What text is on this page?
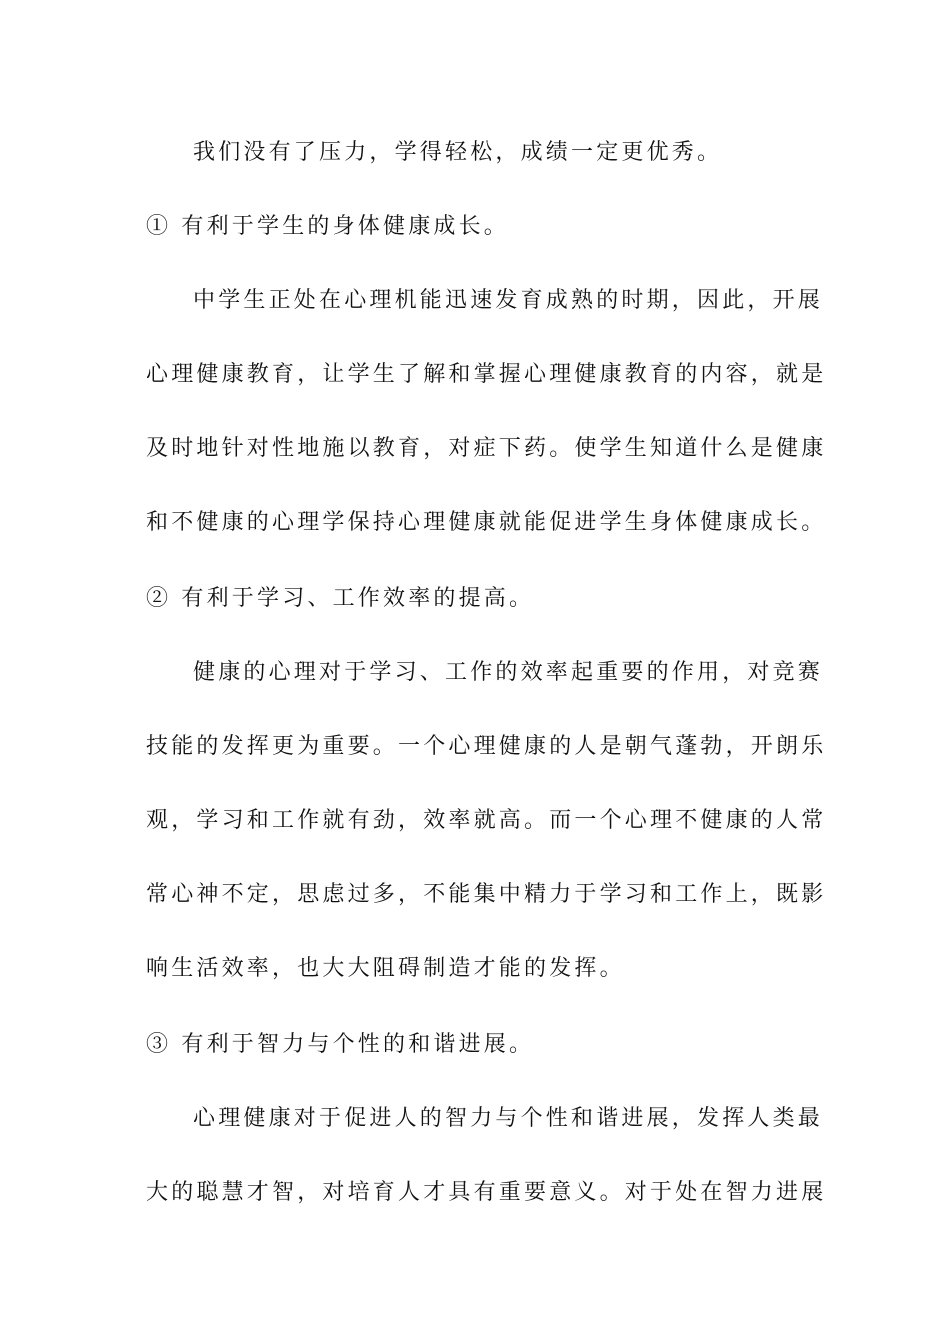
我们没有了压力，学得轻松，成绩一定更优秀。
① 有利于学生的身体健康成长。
中学生正处在心理机能迅速发育成熟的时期，因此，开展
心理健康教育，让学生了解和掌握心理健康教育的内容，就是
及时地针对性地施以教育，对症下药。使学生知道什么是健康
和不健康的心理学保持心理健康就能促进学生身体健康成长。
② 有利于学习、工作效率的提高。
健康的心理对于学习、工作的效率起重要的作用，对竞赛
技能的发挥更为重要。一个心理健康的人是朝气蓬勃，开朗乐
观，学习和工作就有劲，效率就高。而一个心理不健康的人常
常心神不定，思虑过多，不能集中精力于学习和工作上，既影
响生活效率，也大大阻碍制造才能的发挥。
③ 有利于智力与个性的和谐进展。
心理健康对于促进人的智力与个性和谐进展，发挥人类最
大的聪慧才智，对培育人才具有重要意义。对于处在智力进展
